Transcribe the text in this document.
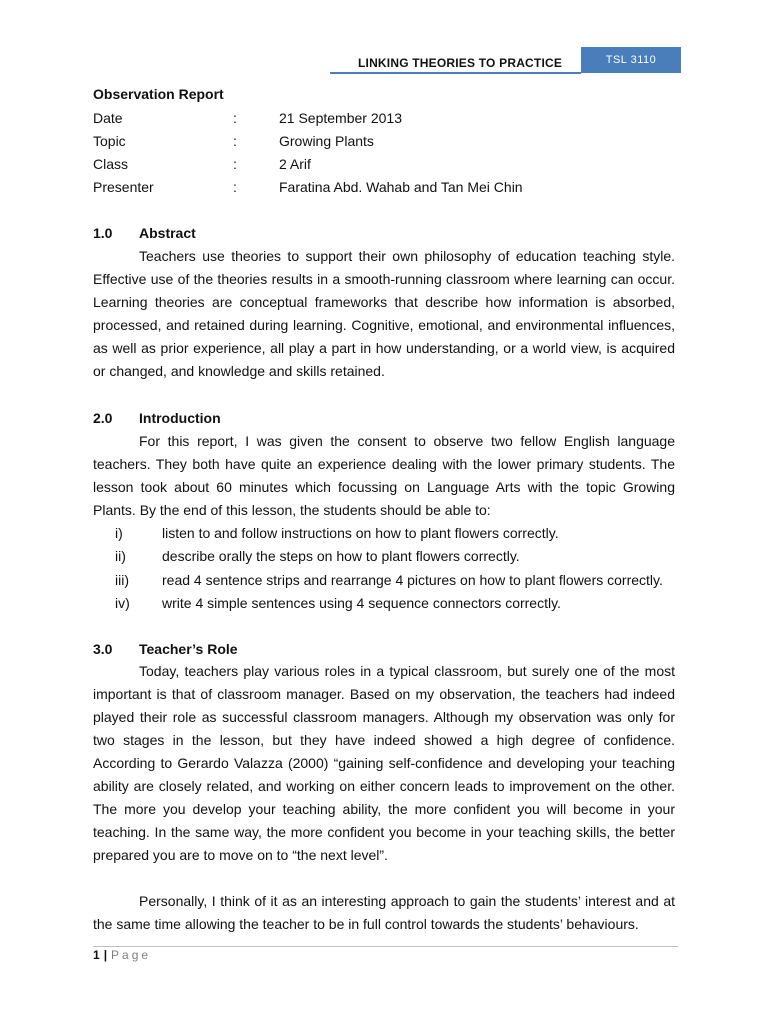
LINKING THEORIES TO PRACTICE	TSL 3110
Observation Report
Date	:	21 September 2013
Topic	:	Growing Plants
Class	:	2 Arif
Presenter	:	Faratina Abd. Wahab and Tan Mei Chin
1.0 Abstract

Teachers use theories to support their own philosophy of education teaching style. Effective use of the theories results in a smooth-running classroom where learning can occur. Learning theories are conceptual frameworks that describe how information is absorbed, processed, and retained during learning. Cognitive, emotional, and environmental influences, as well as prior experience, all play a part in how understanding, or a world view, is acquired or changed, and knowledge and skills retained.

2.0 Introduction

For this report, I was given the consent to observe two fellow English language teachers. They both have quite an experience dealing with the lower primary students. The lesson took about 60 minutes which focussing on Language Arts with the topic Growing Plants. By the end of this lesson, the students should be able to:

i)	listen to and follow instructions on how to plant flowers correctly.
ii)	describe orally the steps on how to plant flowers correctly.
iii) read 4 sentence strips and rearrange 4 pictures on how to plant flowers correctly.
iv) write 4 simple sentences using 4 sequence connectors correctly.
3.0 Teacher’s Role

Today, teachers play various roles in a typical classroom, but surely one of the most important is that of classroom manager. Based on my observation, the teachers had indeed played their role as successful classroom managers. Although my observation was only for two stages in the lesson, but they have indeed showed a high degree of confidence. According to Gerardo Valazza (2000) “gaining self-confidence and developing your teaching ability are closely related, and working on either concern leads to improvement on the other. The more you develop your teaching ability, the more confident you will become in your teaching. In the same way, the more confident you become in your teaching skills, the better prepared you are to move on to “the next level”.

Personally, I think of it as an interesting approach to gain the students’ interest and at the same time allowing the teacher to be in full control towards the students’ behaviours.

1 | Page
